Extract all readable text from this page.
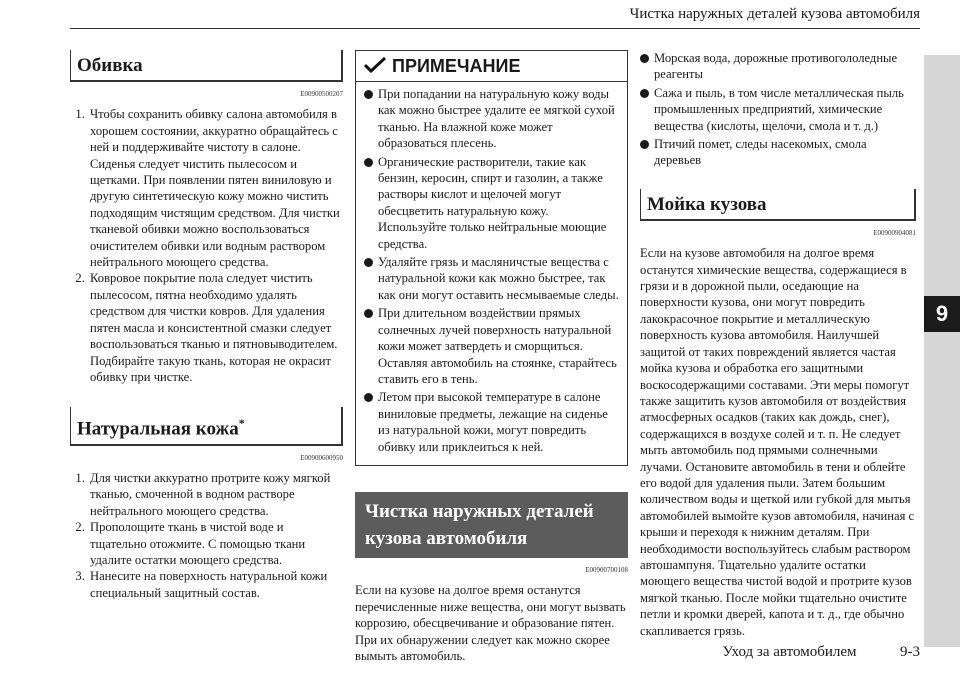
Чистка наружных деталей кузова автомобиля
9
Обивка
E00900500207
1. Чтобы сохранить обивку салона автомобиля в хорошем состоянии, аккуратно обращайтесь с ней и поддерживайте чистоту в салоне. Сиденья следует чистить пылесосом и щетками. При появлении пятен виниловую и другую синтетическую кожу можно чистить подходящим чистящим средством. Для чистки тканевой обивки можно воспользоваться очистителем обивки или водным раствором нейтрального моющего средства.
2. Ковровое покрытие пола следует чистить пылесосом, пятна необходимо удалять средством для чистки ковров. Для удаления пятен масла и консистентной смазки следует воспользоваться тканью и пятновыводителем. Подбирайте такую ткань, которая не окрасит обивку при чистке.
Натуральная кожа*
E00900600950
1. Для чистки аккуратно протрите кожу мягкой тканью, смоченной в водном растворе нейтрального моющего средства.
2. Прополощите ткань в чистой воде и тщательно отожмите. С помощью ткани удалите остатки моющего средства.
3. Нанесите на поверхность натуральной кожи специальный защитный состав.
ПРИМЕЧАНИЕ
При попадании на натуральную кожу воды как можно быстрее удалите ее мягкой сухой тканью. На влажной коже может образоваться плесень.
Органические растворители, такие как бензин, керосин, спирт и газолин, а также растворы кислот и щелочей могут обесцветить натуральную кожу. Используйте только нейтральные моющие средства.
Удаляйте грязь и масляничстые вещества с натуральной кожи как можно быстрее, так как они могут оставить несмываемые следы.
При длительном воздействии прямых солнечных лучей поверхность натуральной кожи может затвердеть и сморщиться. Оставляя автомобиль на стоянке, старайтесь ставить его в тень.
Летом при высокой температуре в салоне виниловые предметы, лежащие на сиденье из натуральной кожи, могут повредить обивку или приклеиться к ней.
Чистка наружных деталей кузова автомобиля
E00900700108
Если на кузове на долгое время останутся перечисленные ниже вещества, они могут вызвать коррозию, обесцвечивание и образование пятен. При их обнаружении следует как можно скорее вымыть автомобиль.
Морская вода, дорожные противогололедные реагенты
Сажа и пыль, в том числе металлическая пыль промышленных предприятий, химические вещества (кислоты, щелочи, смола и т. д.)
Птичий помет, следы насекомых, смола деревьев
Мойка кузова
E00900904081
Если на кузове автомобиля на долгое время останутся химические вещества, содержащиеся в грязи и в дорожной пыли, оседающие на поверхности кузова, они могут повредить лакокрасочное покрытие и металлическую поверхность кузова автомобиля. Наилучшей защитой от таких повреждений является частая мойка кузова и обработка его защитными воскосодержащими составами. Эти меры помогут также защитить кузов автомобиля от воздействия атмосферных осадков (таких как дождь, снег), содержащихся в воздухе солей и т. п. Не следует мыть автомобиль под прямыми солнечными лучами. Остановите автомобиль в тени и облейте его водой для удаления пыли. Затем большим количеством воды и щеткой или губкой для мытья автомобилей вымойте кузов автомобиля, начиная с крыши и переходя к нижним деталям. При необходимости воспользуйтесь слабым раствором автошампуня. Тщательно удалите остатки моющего вещества чистой водой и протрите кузов мягкой тканью. После мойки тщательно очистите петли и кромки дверей, капота и т. д., где обычно скапливается грязь.
Уход за автомобилем	9-3
